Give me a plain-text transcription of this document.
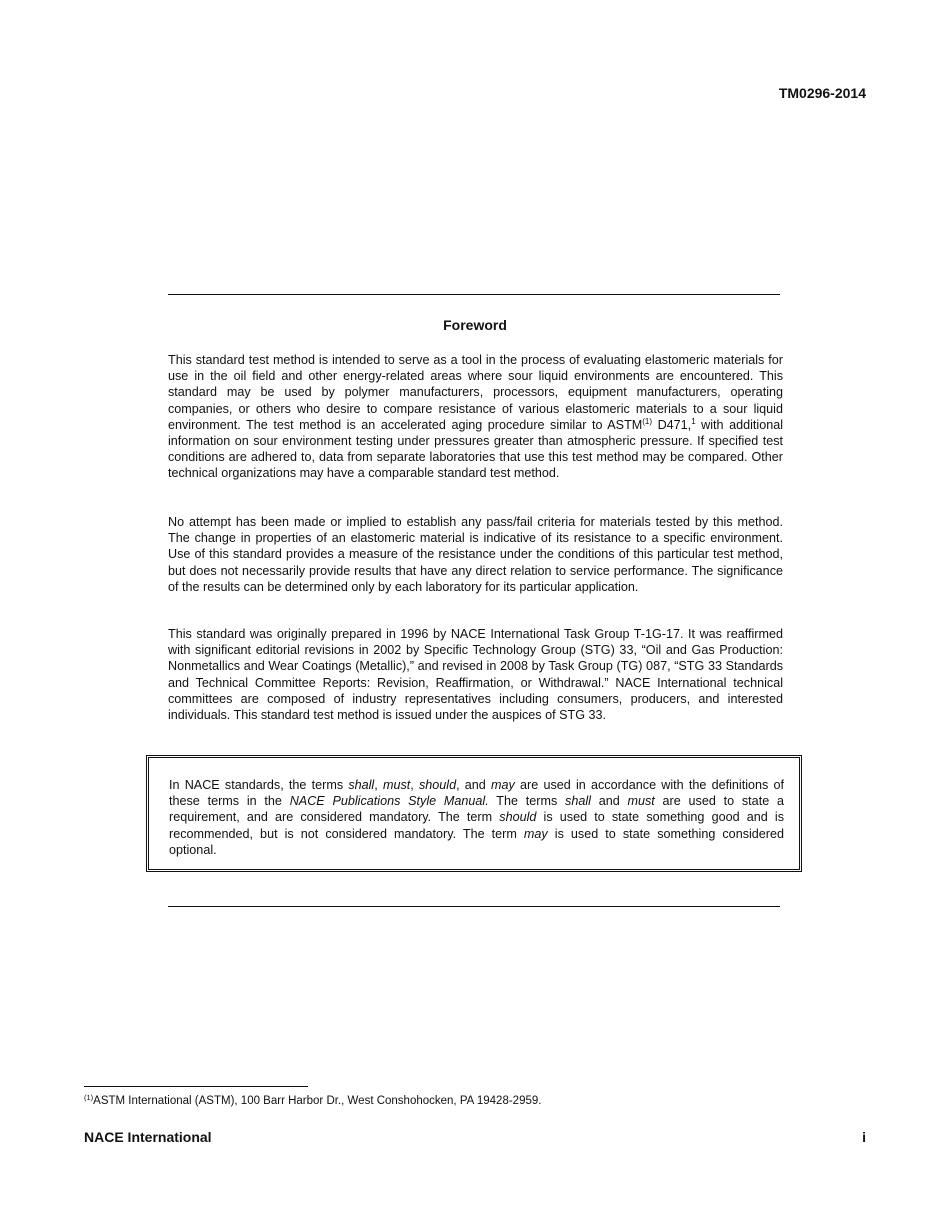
TM0296-2014
Foreword

This standard test method is intended to serve as a tool in the process of evaluating elastomeric materials for use in the oil field and other energy-related areas where sour liquid environments are encountered. This standard may be used by polymer manufacturers, processors, equipment manufacturers, operating companies, or others who desire to compare resistance of various elastomeric materials to a sour liquid environment. The test method is an accelerated aging procedure similar to ASTM$^{(1)}$ D471,$^1$ with additional information on sour environment testing under pressures greater than atmospheric pressure. If specified test conditions are adhered to, data from separate laboratories that use this test method may be compared. Other technical organizations may have a comparable standard test method.

No attempt has been made or implied to establish any pass/fail criteria for materials tested by this method. The change in properties of an elastomeric material is indicative of its resistance to a specific environment. Use of this standard provides a measure of the resistance under the conditions of this particular test method, but does not necessarily provide results that have any direct relation to service performance. The significance of the results can be determined only by each laboratory for its particular application.

This standard was originally prepared in 1996 by NACE International Task Group T-1G-17. It was reaffirmed with significant editorial revisions in 2002 by Specific Technology Group (STG) 33, “Oil and Gas Production: Nonmetallics and Wear Coatings (Metallic),” and revised in 2008 by Task Group (TG) 087, “STG 33 Standards and Technical Committee Reports: Revision, Reaffirmation, or Withdrawal.” NACE International technical committees are composed of industry representatives including consumers, producers, and interested individuals. This standard test method is issued under the auspices of STG 33.

In NACE standards, the terms shall, must, should, and may are used in accordance with the definitions of these terms in the NACE Publications Style Manual. The terms shall and must are used to state a requirement, and are considered mandatory. The term should is used to state something good and is recommended, but is not considered mandatory. The term may is used to state something considered optional.

$^{(1)}$ASTM International (ASTM), 100 Barr Harbor Dr., West Conshohocken, PA 19428-2959.
NACE International	i
